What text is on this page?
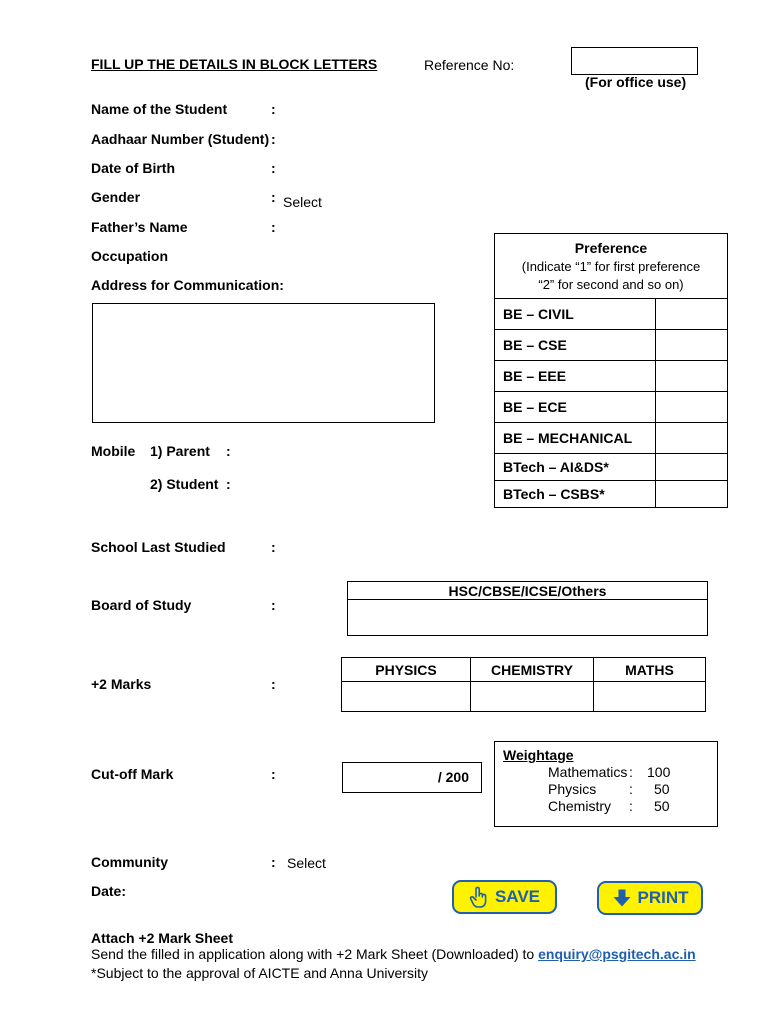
FILL UP THE DETAILS IN BLOCK LETTERS	Reference No:
(For office use)
Name of the Student	:
Aadhaar Number (Student) :
Date of Birth	:
Gender	: Select
Father’s Name	:
Occupation
Address for Communication:
Preference
(Indicate “1” for first preference
“2” for second and so on)	

BE – CIVIL	
BE – CSE	
BE – EEE	
BE – ECE	
BE – MECHANICAL	
BTech – AI&DS*	
BTech – CSBS*	
Mobile 1) Parent :
2) Student :
School Last Studied	:
Board of Study	:
HSC/CBSE/ICSE/Others

+2 Marks	:
PHYSICS	CHEMISTRY	MATHS

Cut-off Mark	:	/ 200
Weightage
Mathematics : 100
Physics : 50
Chemistry : 50
Community	: Select
Date:	SAVE	PRINT
Attach +2 Mark Sheet
Send the filled in application along with +2 Mark Sheet (Downloaded) to enquiry@psgitech.ac.in
*Subject to the approval of AICTE and Anna University
